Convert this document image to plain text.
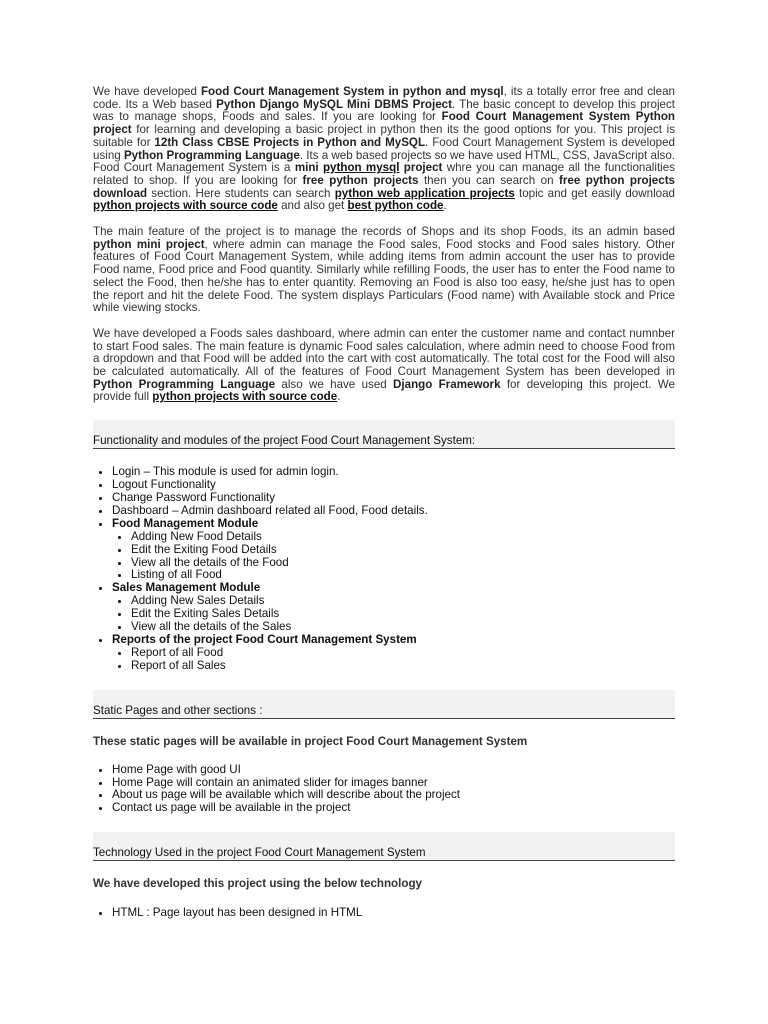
We have developed Food Court Management System in python and mysql, its a totally error free and clean code. Its a Web based Python Django MySQL Mini DBMS Project. The basic concept to develop this project was to manage shops, Foods and sales. If you are looking for Food Court Management System Python project for learning and developing a basic project in python then its the good options for you. This project is suitable for 12th Class CBSE Projects in Python and MySQL. Food Court Management System is developed using Python Programming Language. Its a web based projects so we have used HTML, CSS, JavaScript also. Food Court Management System is a mini python mysql project whre you can manage all the functionalities related to shop. If you are looking for free python projects then you can search on free python projects download section. Here students can search python web application projects topic and get easily download python projects with source code and also get best python code.

The main feature of the project is to manage the records of Shops and its shop Foods, its an admin based python mini project, where admin can manage the Food sales, Food stocks and Food sales history. Other features of Food Court Management System, while adding items from admin account the user has to provide Food name, Food price and Food quantity. Similarly while refilling Foods, the user has to enter the Food name to select the Food, then he/she has to enter quantity. Removing an Food is also too easy, he/she just has to open the report and hit the delete Food. The system displays Particulars (Food name) with Available stock and Price while viewing stocks.

We have developed a Foods sales dashboard, where admin can enter the customer name and contact numnber to start Food sales. The main feature is dynamic Food sales calculation, where admin need to choose Food from a dropdown and that Food will be added into the cart with cost automatically. The total cost for the Food will also be calculated automatically. All of the features of Food Court Management System has been developed in Python Programming Language also we have used Django Framework for developing this project. We provide full python projects with source code.

Functionality and modules of the project Food Court Management System:
• Login – This module is used for admin login.
• Logout Functionality
• Change Password Functionality
• Dashboard – Admin dashboard related all Food, Food details.
• Food Management Module
• Adding New Food Details
• Edit the Exiting Food Details
• View all the details of the Food
• Listing of all Food
• Sales Management Module
• Adding New Sales Details
• Edit the Exiting Sales Details
• View all the details of the Sales
• Reports of the project Food Court Management System
• Report of all Food
• Report of all Sales
Static Pages and other sections :

These static pages will be available in project Food Court Management System

• Home Page with good UI
• Home Page will contain an animated slider for images banner
• About us page will be available which will describe about the project
• Contact us page will be available in the project
Technology Used in the project Food Court Management System

We have developed this project using the below technology

• HTML : Page layout has been designed in HTML
